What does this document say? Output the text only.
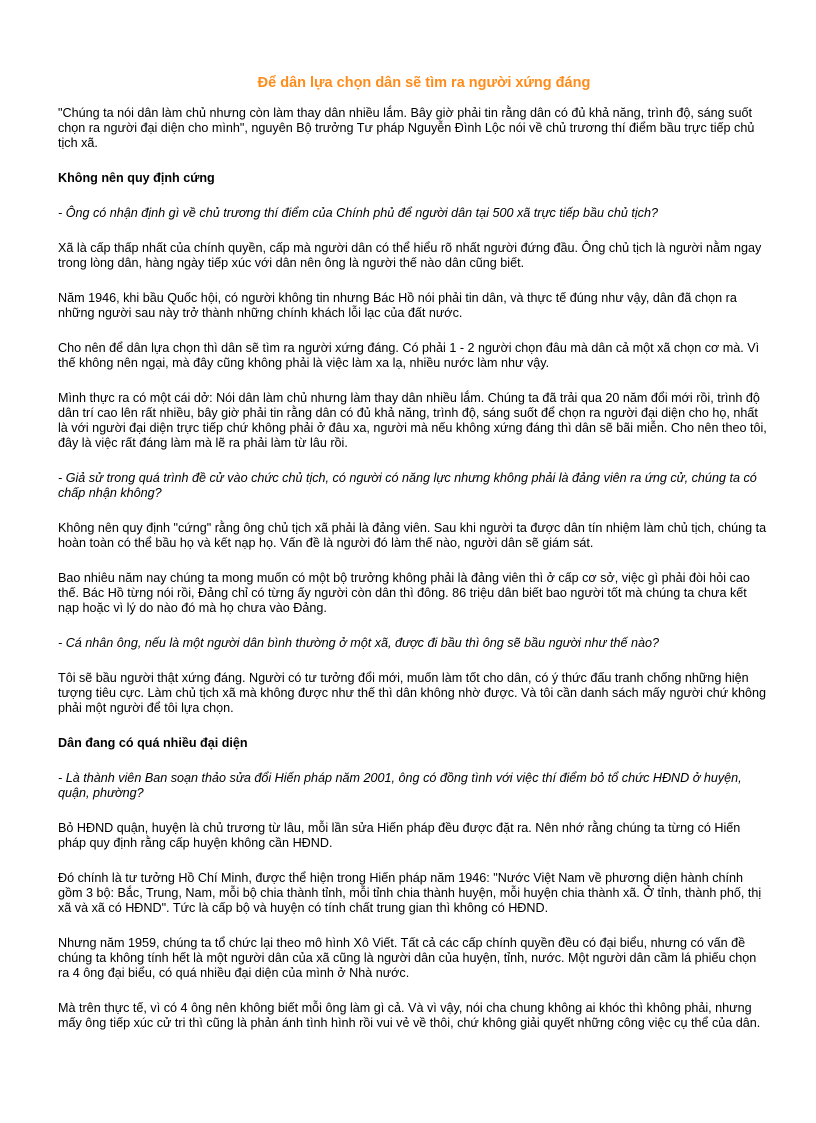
Để dân lựa chọn dân sẽ tìm ra người xứng đáng

"Chúng ta nói dân làm chủ nhưng còn làm thay dân nhiều lắm. Bây giờ phải tin rằng dân có đủ khả năng, trình độ, sáng suốt chọn ra người đại diện cho mình", nguyên Bộ trưởng Tư pháp Nguyễn Đình Lộc nói về chủ trương thí điểm bầu trực tiếp chủ tịch xã.

Không nên quy định cứng

- Ông có nhận định gì về chủ trương thí điểm của Chính phủ để người dân tại 500 xã trực tiếp bầu chủ tịch?

Xã là cấp thấp nhất của chính quyền, cấp mà người dân có thể hiểu rõ nhất người đứng đầu. Ông chủ tịch là người nằm ngay trong lòng dân, hàng ngày tiếp xúc với dân nên ông là người thế nào dân cũng biết.

Năm 1946, khi bầu Quốc hội, có người không tin nhưng Bác Hồ nói phải tin dân, và thực tế đúng như vậy, dân đã chọn ra những người sau này trở thành những chính khách lỗi lạc của đất nước.

Cho nên để dân lựa chọn thì dân sẽ tìm ra người xứng đáng. Có phải 1 - 2 người chọn đâu mà dân cả một xã chọn cơ mà. Vì thế không nên ngại, mà đây cũng không phải là việc làm xa lạ, nhiều nước làm như vậy.

Mình thực ra có một cái dở: Nói dân làm chủ nhưng làm thay dân nhiều lắm. Chúng ta đã trải qua 20 năm đổi mới rồi, trình độ dân trí cao lên rất nhiều, bây giờ phải tin rằng dân có đủ khả năng, trình độ, sáng suốt để chọn ra người đại diện cho họ, nhất là với người đại diện trực tiếp chứ không phải ở đâu xa, người mà nếu không xứng đáng thì dân sẽ bãi miễn. Cho nên theo tôi, đây là việc rất đáng làm mà lẽ ra phải làm từ lâu rồi.

- Giả sử trong quá trình đề cử vào chức chủ tịch, có người có năng lực nhưng không phải là đảng viên ra ứng cử, chúng ta có chấp nhận không?

Không nên quy định "cứng" rằng ông chủ tịch xã phải là đảng viên. Sau khi người ta được dân tín nhiệm làm chủ tịch, chúng ta hoàn toàn có thể bầu họ và kết nạp họ. Vấn đề là người đó làm thế nào, người dân sẽ giám sát.

Bao nhiêu năm nay chúng ta mong muốn có một bộ trưởng không phải là đảng viên thì ở cấp cơ sở, việc gì phải đòi hỏi cao thế. Bác Hồ từng nói rồi, Đảng chỉ có từng ấy người còn dân thì đông. 86 triệu dân biết bao người tốt mà chúng ta chưa kết nạp hoặc vì lý do nào đó mà họ chưa vào Đảng.

- Cá nhân ông, nếu là một người dân bình thường ở một xã, được đi bầu thì ông sẽ bầu người như thế nào?

Tôi sẽ bầu người thật xứng đáng. Người có tư tưởng đổi mới, muốn làm tốt cho dân, có ý thức đấu tranh chống những hiện tượng tiêu cực. Làm chủ tịch xã mà không được như thế thì dân không nhờ được. Và tôi cần danh sách mấy người chứ không phải một người để tôi lựa chọn.

Dân đang có quá nhiều đại diện

- Là thành viên Ban soạn thảo sửa đổi Hiến pháp năm 2001, ông có đồng tình với việc thí điểm bỏ tổ chức HĐND ở huyện, quận, phường?

Bỏ HĐND quận, huyện là chủ trương từ lâu, mỗi lần sửa Hiến pháp đều được đặt ra. Nên nhớ rằng chúng ta từng có Hiến pháp quy định rằng cấp huyện không cần HĐND.

Đó chính là tư tưởng Hồ Chí Minh, được thể hiện trong Hiến pháp năm 1946: "Nước Việt Nam về phương diện hành chính gồm 3 bộ: Bắc, Trung, Nam, mỗi bộ chia thành tỉnh, mỗi tỉnh chia thành huyện, mỗi huyện chia thành xã. Ở tỉnh, thành phố, thị xã và xã có HĐND". Tức là cấp bộ và huyện có tính chất trung gian thì không có HĐND.

Nhưng năm 1959, chúng ta tổ chức lại theo mô hình Xô Viết. Tất cả các cấp chính quyền đều có đại biểu, nhưng có vấn đề chúng ta không tính hết là một người dân của xã cũng là người dân của huyện, tỉnh, nước. Một người dân cầm lá phiếu chọn ra 4 ông đại biểu, có quá nhiều đại diện của mình ở Nhà nước.

Mà trên thực tế, vì có 4 ông nên không biết mỗi ông làm gì cả. Và vì vậy, nói cha chung không ai khóc thì không phải, nhưng mấy ông tiếp xúc cử tri thì cũng là phản ánh tình hình rồi vui vẻ về thôi, chứ không giải quyết những công việc cụ thể của dân.
